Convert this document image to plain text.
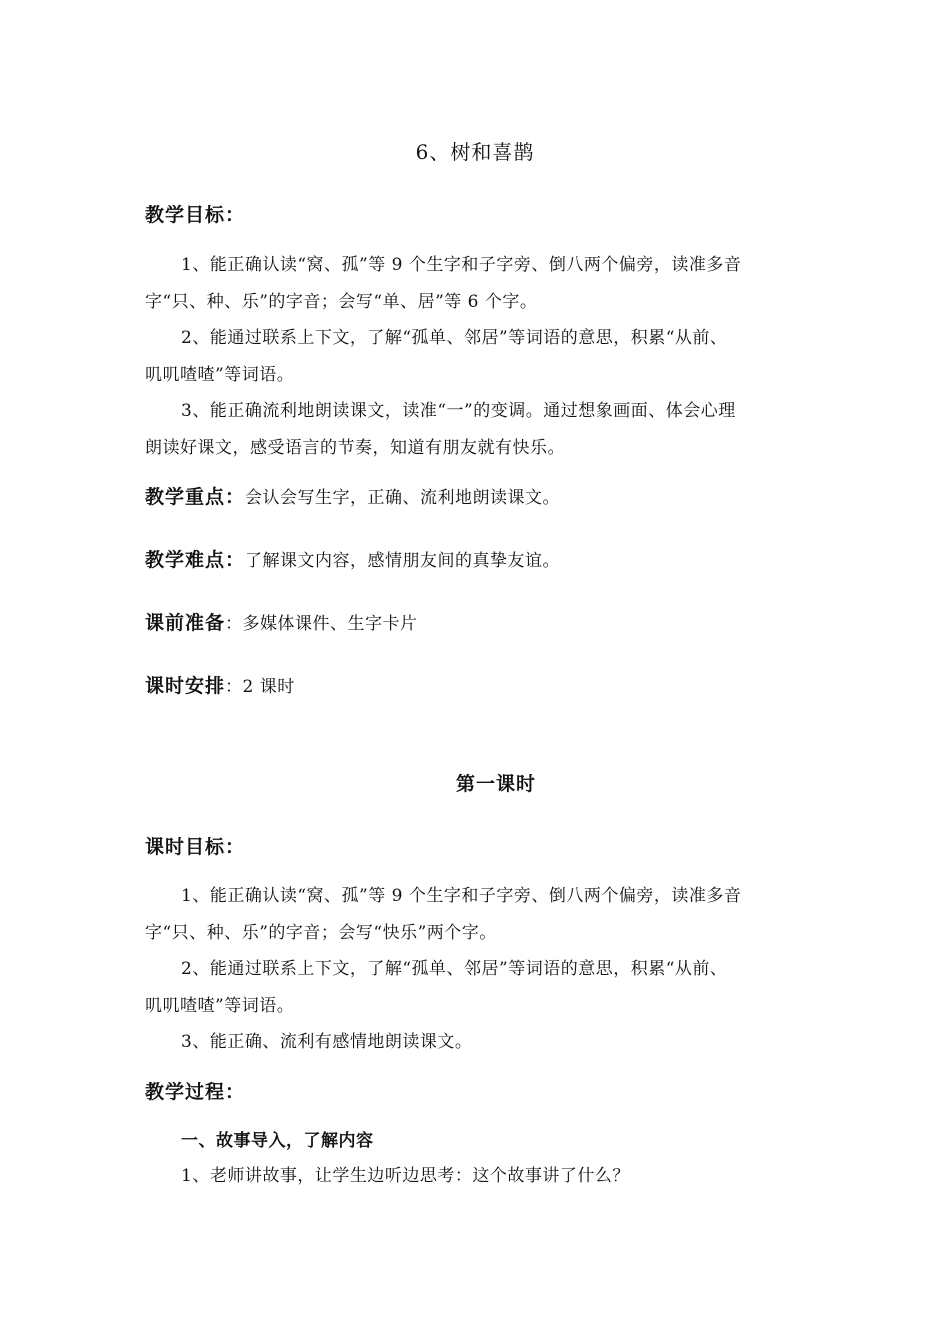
6、树和喜鹊
教学目标：
1、能正确认读“窝、孤”等 9 个生字和子字旁、倒八两个偏旁，读准多音
字“只、种、乐”的字音；会写“单、居”等 6 个字。
2、能通过联系上下文，了解“孤单、邻居”等词语的意思，积累“从前、
叽叽喳喳”等词语。
3、能正确流利地朗读课文，读准“一”的变调。通过想象画面、体会心理
朗读好课文，感受语言的节奏，知道有朋友就有快乐。
教学重点：会认会写生字，正确、流利地朗读课文。
教学难点：了解课文内容，感情朋友间的真挚友谊。
课前准备：多媒体课件、生字卡片
课时安排：2 课时
第一课时
课时目标：
1、能正确认读“窝、孤”等 9 个生字和子字旁、倒八两个偏旁，读准多音
字“只、种、乐”的字音；会写“快乐”两个字。
2、能通过联系上下文，了解“孤单、邻居”等词语的意思，积累“从前、
叽叽喳喳”等词语。
3、能正确、流利有感情地朗读课文。
教学过程：
一、故事导入，了解内容
1、老师讲故事，让学生边听边思考：这个故事讲了什么？
